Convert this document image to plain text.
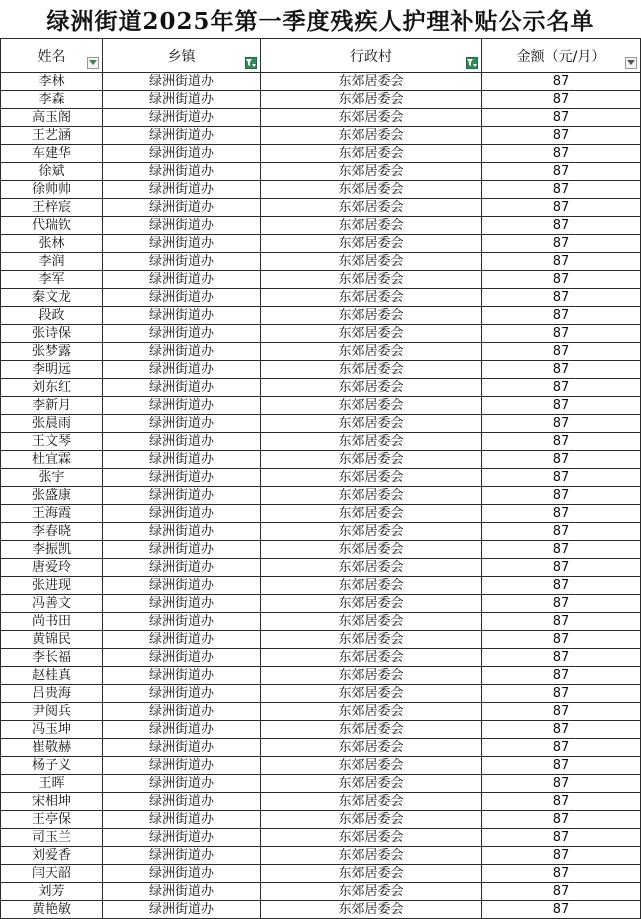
绿洲街道2025年第一季度残疾人护理补贴公示名单
姓名	乡镇	行政村	金额（元/月）

李林	绿洲街道办	东郊居委会	87
李森	绿洲街道办	东郊居委会	87
高玉阁	绿洲街道办	东郊居委会	87
王艺涵	绿洲街道办	东郊居委会	87
车建华	绿洲街道办	东郊居委会	87
徐斌	绿洲街道办	东郊居委会	87
徐帅帅	绿洲街道办	东郊居委会	87
王梓宸	绿洲街道办	东郊居委会	87
代瑞钦	绿洲街道办	东郊居委会	87
张林	绿洲街道办	东郊居委会	87
李润	绿洲街道办	东郊居委会	87
李军	绿洲街道办	东郊居委会	87
秦文龙	绿洲街道办	东郊居委会	87
段政	绿洲街道办	东郊居委会	87
张诗保	绿洲街道办	东郊居委会	87
张梦露	绿洲街道办	东郊居委会	87
李明远	绿洲街道办	东郊居委会	87
刘东红	绿洲街道办	东郊居委会	87
李新月	绿洲街道办	东郊居委会	87
张晨雨	绿洲街道办	东郊居委会	87
王文琴	绿洲街道办	东郊居委会	87
杜宜霖	绿洲街道办	东郊居委会	87
张宇	绿洲街道办	东郊居委会	87
张盛康	绿洲街道办	东郊居委会	87
王海霞	绿洲街道办	东郊居委会	87
李春晓	绿洲街道办	东郊居委会	87
李振凯	绿洲街道办	东郊居委会	87
唐爱玲	绿洲街道办	东郊居委会	87
张进现	绿洲街道办	东郊居委会	87
冯善文	绿洲街道办	东郊居委会	87
尚书田	绿洲街道办	东郊居委会	87
黄锦民	绿洲街道办	东郊居委会	87
李长福	绿洲街道办	东郊居委会	87
赵桂真	绿洲街道办	东郊居委会	87
吕贵海	绿洲街道办	东郊居委会	87
尹阅兵	绿洲街道办	东郊居委会	87
冯玉坤	绿洲街道办	东郊居委会	87
崔敬赫	绿洲街道办	东郊居委会	87
杨子义	绿洲街道办	东郊居委会	87
王晖	绿洲街道办	东郊居委会	87
宋相坤	绿洲街道办	东郊居委会	87
王亭保	绿洲街道办	东郊居委会	87
司玉兰	绿洲街道办	东郊居委会	87
刘爱香	绿洲街道办	东郊居委会	87
闫天韶	绿洲街道办	东郊居委会	87
刘芳	绿洲街道办	东郊居委会	87
黄艳敏	绿洲街道办	东郊居委会	87
